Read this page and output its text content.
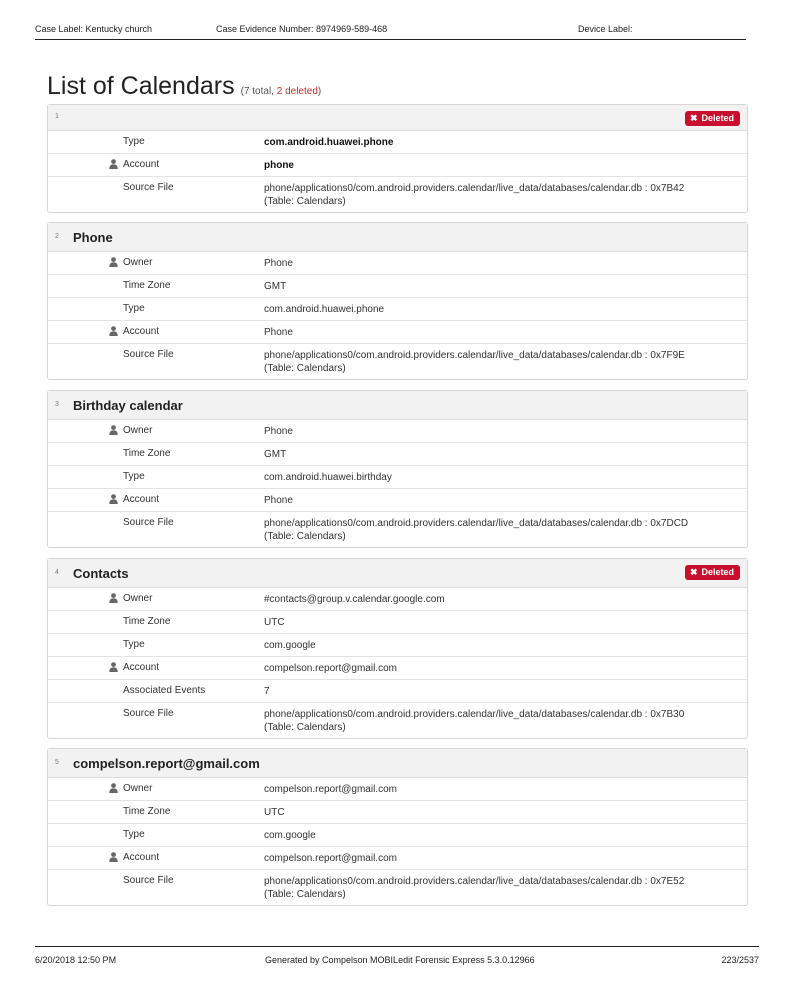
Case Label: Kentucky church	Case Evidence Number: 8974969-589-468	Device Label:
List of Calendars (7 total, 2 deleted)
1	✖ Deleted
Type	com.android.huawei.phone
Account	phone
Source File	phone/applications0/com.android.providers.calendar/live_data/databases/calendar.db : 0x7B42
(Table: Calendars)
2 Phone
Owner	Phone
Time Zone	GMT
Type	com.android.huawei.phone
Account	Phone
Source File	phone/applications0/com.android.providers.calendar/live_data/databases/calendar.db : 0x7F9E
(Table: Calendars)
3 Birthday calendar
Owner	Phone
Time Zone	GMT
Type	com.android.huawei.birthday
Account	Phone
Source File	phone/applications0/com.android.providers.calendar/live_data/databases/calendar.db : 0x7DCD
(Table: Calendars)
4 Contacts	✖ Deleted
Owner	#contacts@group.v.calendar.google.com
Time Zone	UTC
Type	com.google
Account	compelson.report@gmail.com
Associated Events	7
Source File	phone/applications0/com.android.providers.calendar/live_data/databases/calendar.db : 0x7B30
(Table: Calendars)
5 compelson.report@gmail.com
Owner	compelson.report@gmail.com
Time Zone	UTC
Type	com.google
Account	compelson.report@gmail.com
Source File	phone/applications0/com.android.providers.calendar/live_data/databases/calendar.db : 0x7E52
(Table: Calendars)
6/20/2018 12:50 PM	Generated by Compelson MOBILedit Forensic Express 5.3.0.12966	223/2537
